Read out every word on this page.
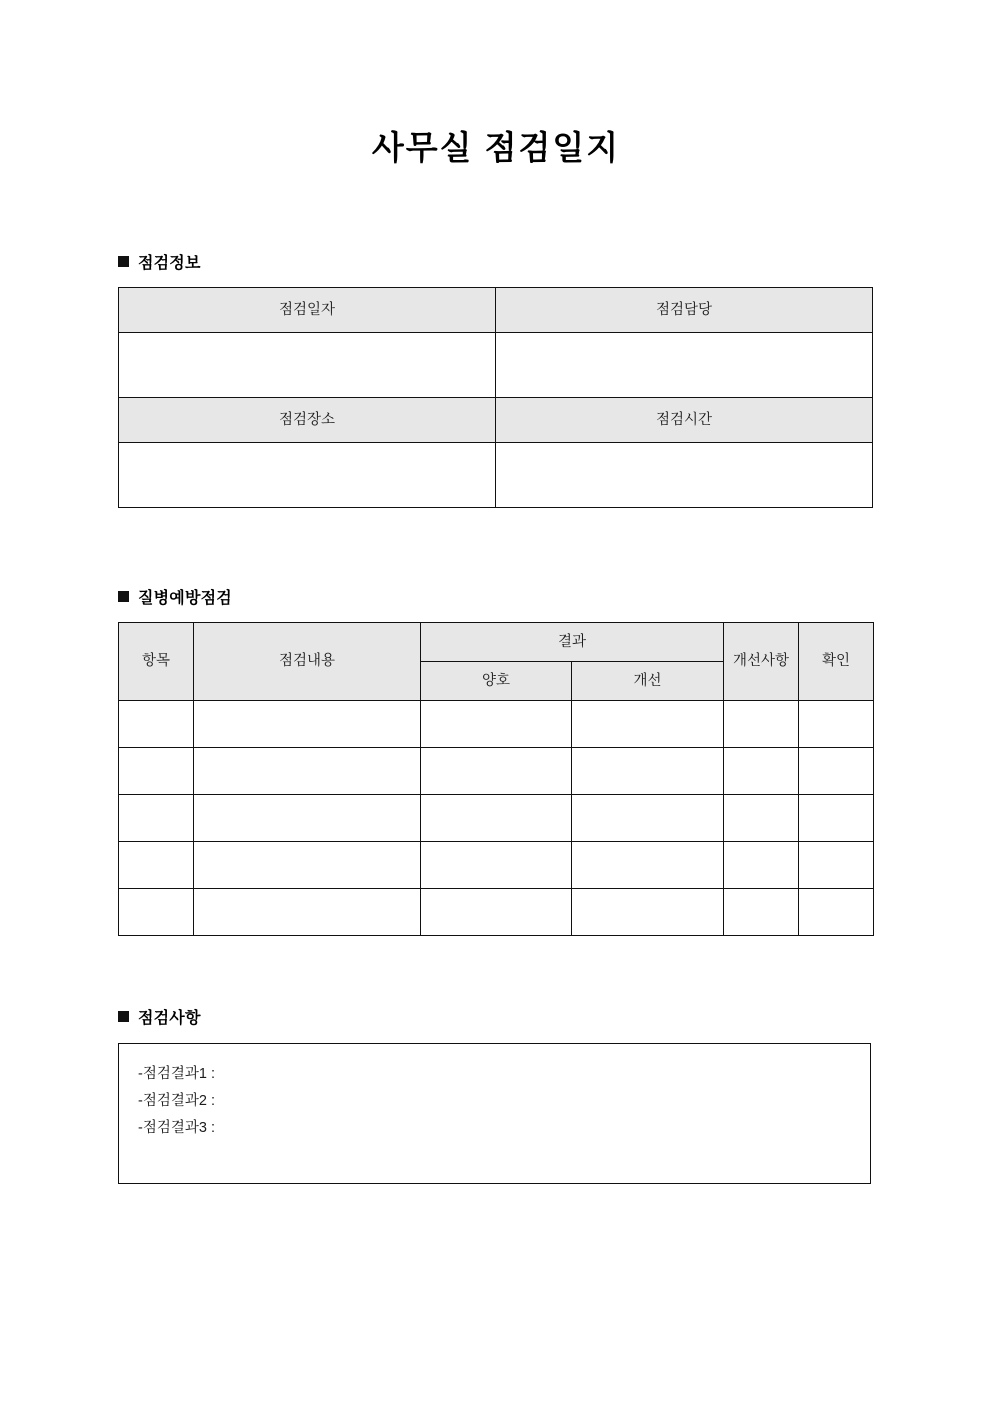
사무실 점검일지
점검정보
점검일자	점검담당

점검장소	점검시간

질병예방점검
항목	점검내용	결과		개선사항	확인
		양호	개선		

점검사항
-점검결과1 :
-점검결과2 :
-점검결과3 :
